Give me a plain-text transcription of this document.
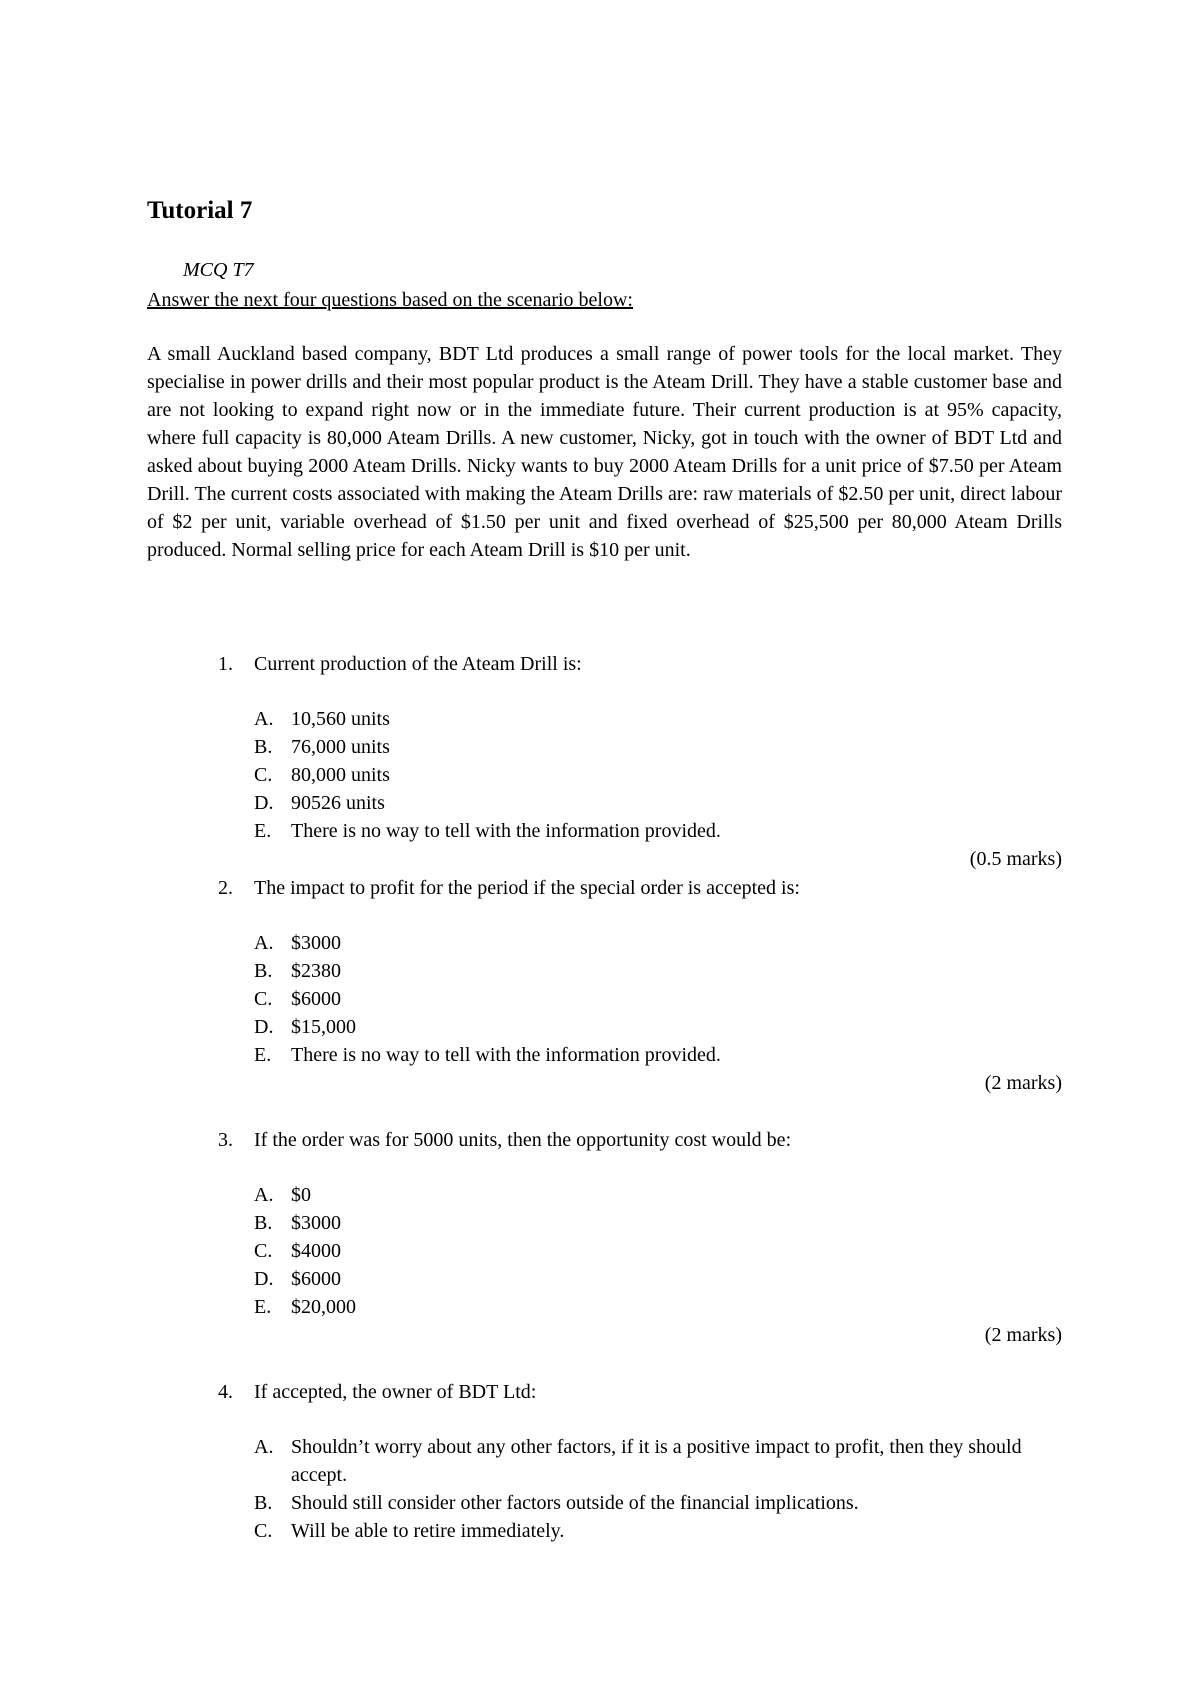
Tutorial 7
MCQ T7
Answer the next four questions based on the scenario below:

A small Auckland based company, BDT Ltd produces a small range of power tools for the local market. They specialise in power drills and their most popular product is the Ateam Drill. They have a stable customer base and are not looking to expand right now or in the immediate future. Their current production is at 95% capacity, where full capacity is 80,000 Ateam Drills. A new customer, Nicky, got in touch with the owner of BDT Ltd and asked about buying 2000 Ateam Drills. Nicky wants to buy 2000 Ateam Drills for a unit price of $7.50 per Ateam Drill. The current costs associated with making the Ateam Drills are: raw materials of $2.50 per unit, direct labour of $2 per unit, variable overhead of $1.50 per unit and fixed overhead of $25,500 per 80,000 Ateam Drills produced. Normal selling price for each Ateam Drill is $10 per unit.

1. Current production of the Ateam Drill is:
A. 10,560 units
B. 76,000 units
C. 80,000 units
D. 90526 units
E. There is no way to tell with the information provided.
(0.5 marks)
2. The impact to profit for the period if the special order is accepted is:
A. $3000
B. $2380
C. $6000
D. $15,000
E. There is no way to tell with the information provided.
(2 marks)
3. If the order was for 5000 units, then the opportunity cost would be:
A. $0
B. $3000
C. $4000
D. $6000
E. $20,000
(2 marks)
4. If accepted, the owner of BDT Ltd:
A. Shouldn’t worry about any other factors, if it is a positive impact to profit, then they should accept.
B. Should still consider other factors outside of the financial implications.
C. Will be able to retire immediately.
